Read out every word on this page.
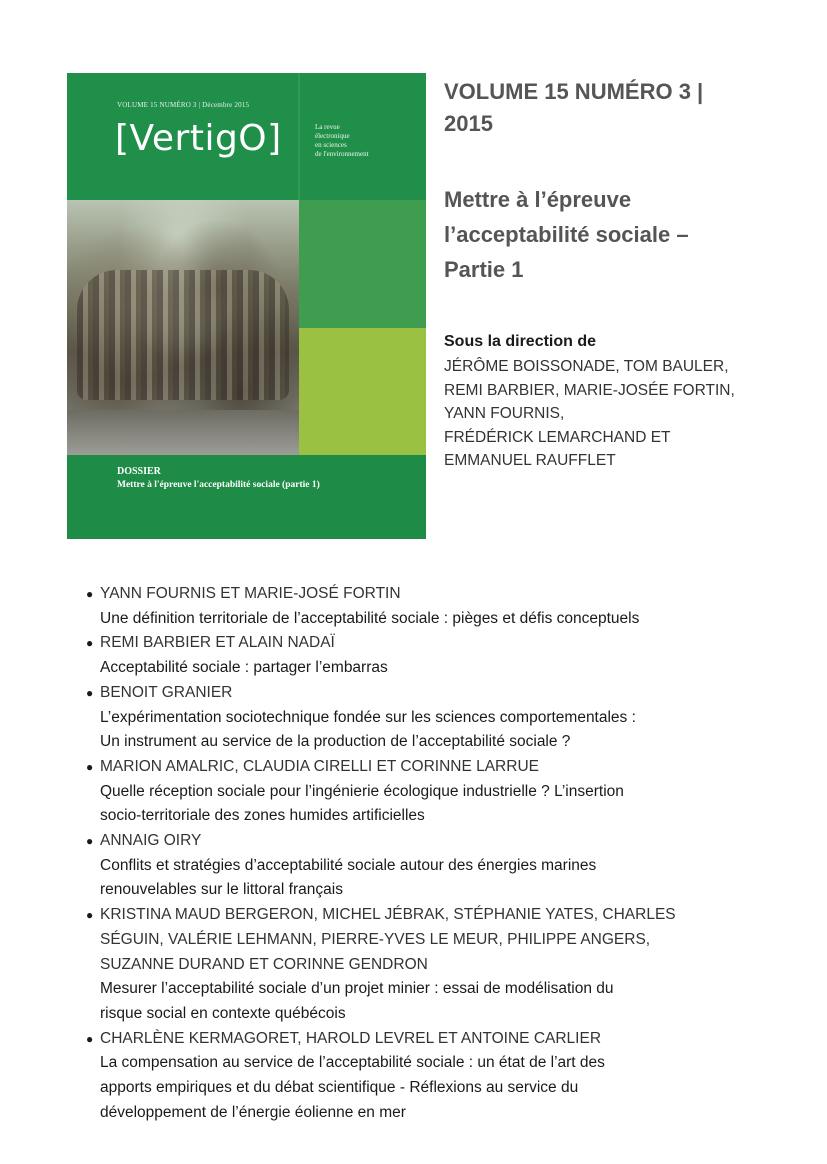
VOLUME 15 NUMÉRO 3 | Décembre 2015
[VertigO]	La revue
électronique
en sciences
de l'environnement
DOSSIER
Mettre à l'épreuve l'acceptabilité sociale (partie 1)
VOLUME 15 NUMÉRO 3 |
2015
Mettre à l’épreuve
l’acceptabilité sociale –
Partie 1
Sous la direction de
JÉRÔME BOISSONADE, TOM BAULER,
REMI BARBIER, MARIE-JOSÉE FORTIN,
YANN FOURNIS,
FRÉDÉRICK LEMARCHAND ET
EMMANUEL RAUFFLET
● YANN FOURNIS ET MARIE-JOSÉ FORTIN
Une définition territoriale de l’acceptabilité sociale : pièges et défis conceptuels
● REMI BARBIER ET ALAIN NADAÏ
Acceptabilité sociale : partager l’embarras
● BENOIT GRANIER
L’expérimentation sociotechnique fondée sur les sciences comportementales :
Un instrument au service de la production de l’acceptabilité sociale ?
● MARION AMALRIC, CLAUDIA CIRELLI ET CORINNE LARRUE
Quelle réception sociale pour l’ingénierie écologique industrielle ? L’insertion
socio-territoriale des zones humides artificielles
● ANNAIG OIRY
Conflits et stratégies d’acceptabilité sociale autour des énergies marines
renouvelables sur le littoral français
● KRISTINA MAUD BERGERON, MICHEL JÉBRAK, STÉPHANIE YATES, CHARLES
SÉGUIN, VALÉRIE LEHMANN, PIERRE-YVES LE MEUR, PHILIPPE ANGERS,
SUZANNE DURAND ET CORINNE GENDRON
Mesurer l’acceptabilité sociale d’un projet minier : essai de modélisation du
risque social en contexte québécois
● CHARLÈNE KERMAGORET, HAROLD LEVREL ET ANTOINE CARLIER
La compensation au service de l’acceptabilité sociale : un état de l’art des
apports empiriques et du débat scientifique - Réflexions au service du
développement de l’énergie éolienne en mer
